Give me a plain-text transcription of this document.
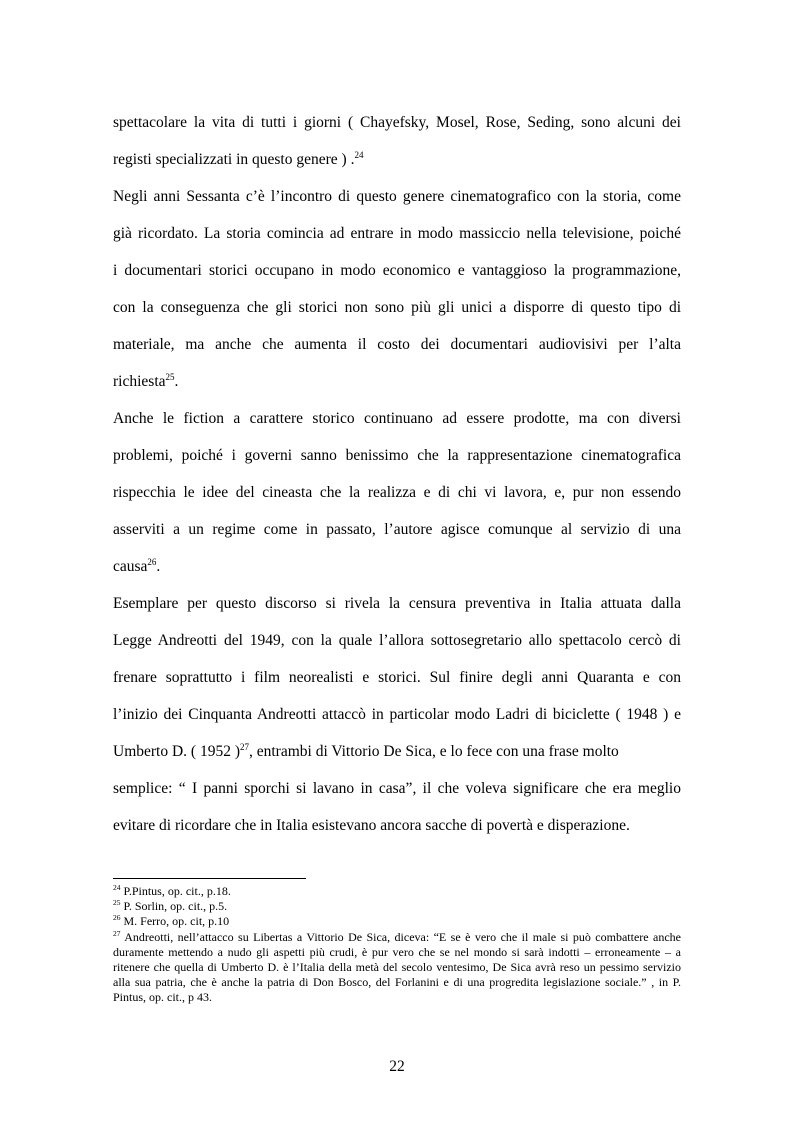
spettacolare la vita di tutti i giorni ( Chayefsky, Mosel, Rose, Seding, sono alcuni dei
registi specializzati in questo genere ) .$^{24}$

Negli anni Sessanta c’è l’incontro di questo genere cinematografico con la storia, come
già ricordato. La storia comincia ad entrare in modo massiccio nella televisione, poiché
i documentari storici occupano in modo economico e vantaggioso la programmazione,
con la conseguenza che gli storici non sono più gli unici a disporre di questo tipo di
materiale, ma anche che aumenta il costo dei documentari audiovisivi per l’alta
richiesta$^{25}$.

Anche le fiction a carattere storico continuano ad essere prodotte, ma con diversi
problemi, poiché i governi sanno benissimo che la rappresentazione cinematografica
rispecchia le idee del cineasta che la realizza e di chi vi lavora, e, pur non essendo
asserviti a un regime come in passato, l’autore agisce comunque al servizio di una
causa$^{26}$.

Esemplare per questo discorso si rivela la censura preventiva in Italia attuata dalla
Legge Andreotti del 1949, con la quale l’allora sottosegretario allo spettacolo cercò di
frenare soprattutto i film neorealisti e storici. Sul finire degli anni Quaranta e con
l’inizio dei Cinquanta Andreotti attaccò in particolar modo Ladri di biciclette ( 1948 ) e
Umberto D. ( 1952 )$^{27}$, entrambi di Vittorio De Sica, e lo fece con una frase molto
semplice: “ I panni sporchi si lavano in casa”, il che voleva significare che era meglio
evitare di ricordare che in Italia esistevano ancora sacche di povertà e disperazione.

$^{24}$ P.Pintus, op. cit., p.18.

$^{25}$ P. Sorlin, op. cit., p.5.

$^{26}$ M. Ferro, op. cit, p.10

$^{27}$ Andreotti, nell’attacco su Libertas a Vittorio De Sica, diceva: “E se è vero che il male si può combattere anche duramente mettendo a nudo gli aspetti più crudi, è pur vero che se nel mondo si sarà indotti – erroneamente – a ritenere che quella di Umberto D. è l’Italia della metà del secolo ventesimo, De Sica avrà reso un pessimo servizio alla sua patria, che è anche la patria di Don Bosco, del Forlanini e di una progredita legislazione sociale.” , in P. Pintus, op. cit., p 43.

22
